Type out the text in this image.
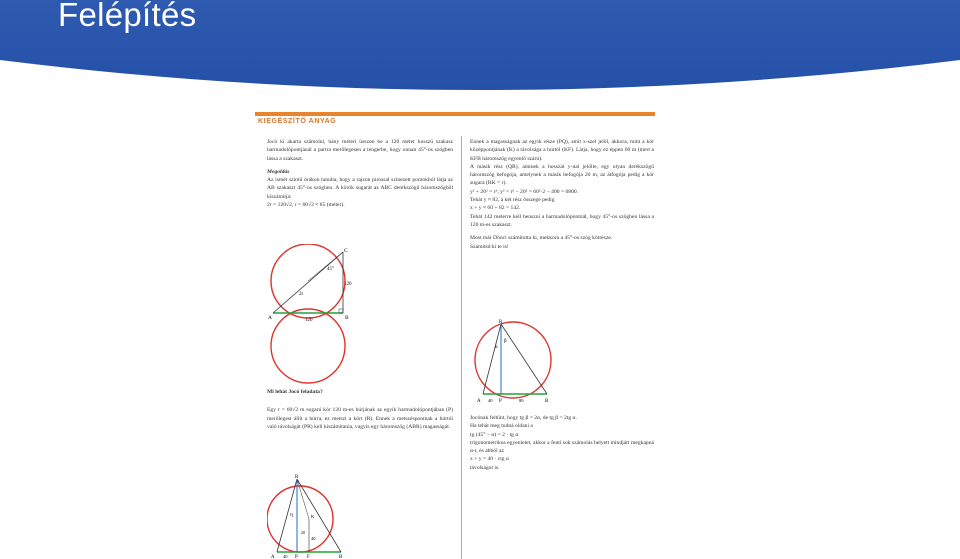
Felépítés
KIEGÉSZÍTŐ ANYAG

Jocó ki akarta számolni, hány méteri ússzon be a 120 méter hosszú szakasz harmadolópontjánál a partra merőlegesen a tengerbe, hogy onnan 45°-os szögben lássa a szakaszt.

Megoldás

Az ismét szintű órákon tanulta, hogy a rajzon pirossal színezett pontokból látja az AB szakaszt 45°-os szögben. A körök sugarát az ABC derékszögű háromszögből kiszámítja:

2r = 120√2, r = 60√2 ≈ 85 (méter).

C
A	B
45°
2r
120
120

Mi lehát Jocó feladata?

Egy r = 60√2 m sugarú kör 120 m-es húrjának az egyik harmadolópontjában (P) merőlegest állít a húrra, ez metszi a kört (R). Ennek a metszéspontnak a húrtól való távolságát (PR) kell kiszámítania, vagyis egy háromszög (ABR) magasságát.

R
A	P F	B
Q	K
40
40
20

Ennek a magasságnak az egyik része (PQ), amit x-szel jelöl, akkora, mint a kör középpontjának (K) a távolsága a húrtól (KF). Látja, hogy ez éppen 60 m (mert a KFB háromszög egyenlő szárú).

A másik rész (QR), aminek a hosszát y-nal jelölte, egy olyan derékszögű háromszög befogója, amelynek a másik befogója 20 m, az átfogója pedig a kör sugara (RK = r).

y² + 20² = r²; y² = r² − 20² = 60²·2 − 400 = 6800.

Tehát y ≈ 82, a két rész összege pedig

x + y ≈ 60 + 82 = 142.

Tehát 142 méterre kell beúszni a harmadolópontnál, hogy 45°-os szögben lássa a 120 m-es szakaszt.

Most már Dönci számította ki, mekkora a 45°-os szög kötrésze.

Számítsd ki te is!

R
A	P	B
β
α
40	80

Jocónak feltűnt, hogy tg β = 2α, de tg β = 2tg α.

Ha tehát meg tudná oldani a

tg (45° − α) = 2 · tg α

trigonometrikus egyenletet, akkor a fenti sok számolás helyett mindjárt megkapná α-t, és abból az

x + y = 40 · ctg α

távolságot is.
